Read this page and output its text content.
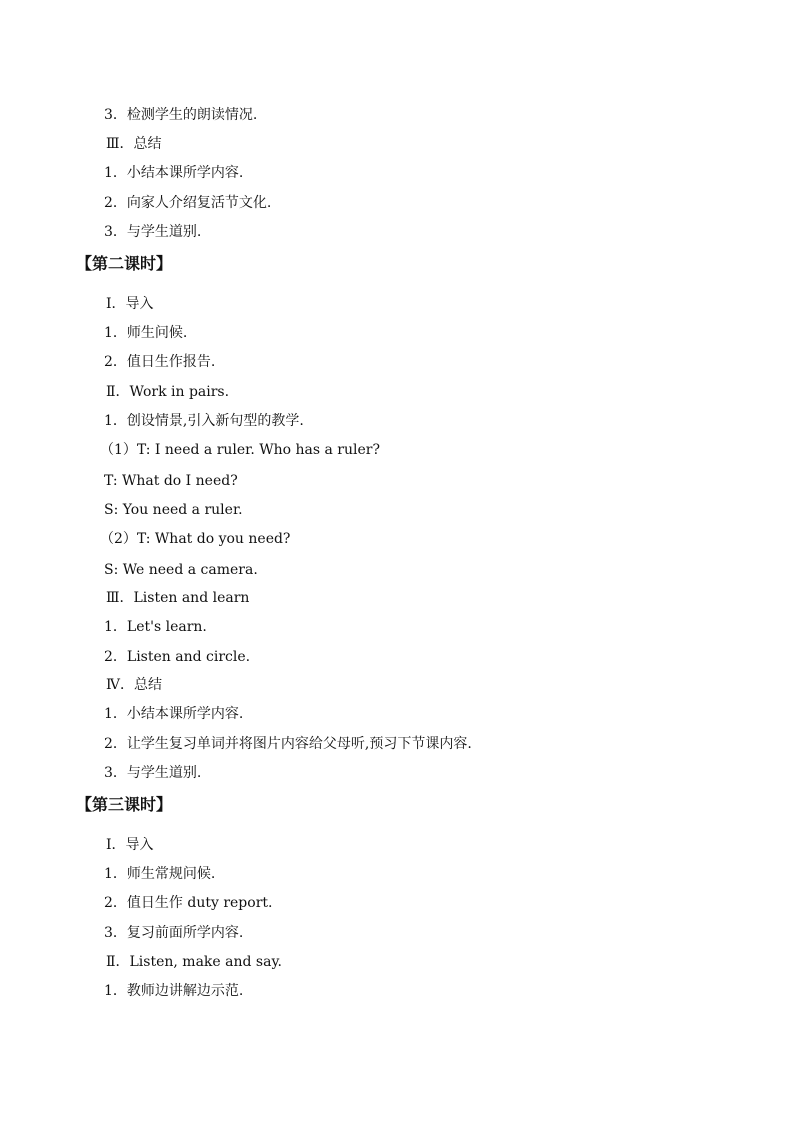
3．检测学生的朗读情况.
Ⅲ．总结
1．小结本课所学内容.
2．向家人介绍复活节文化.
3．与学生道别.
【第二课时】
Ⅰ．导入
1．师生问候.
2．值日生作报告.
Ⅱ．Work in pairs.
1．创设情景,引入新句型的教学.
（1）T: I need a ruler. Who has a ruler?
T: What do I need?
S: You need a ruler.
（2）T: What do you need?
S: We need a camera.
Ⅲ．Listen and learn
1．Let's learn.
2．Listen and circle.
Ⅳ．总结
1．小结本课所学内容.
2．让学生复习单词并将图片内容给父母听,预习下节课内容.
3．与学生道别.
【第三课时】
Ⅰ．导入
1．师生常规问候.
2．值日生作 duty report.
3．复习前面所学内容.
Ⅱ．Listen, make and say.
1．教师边讲解边示范.
